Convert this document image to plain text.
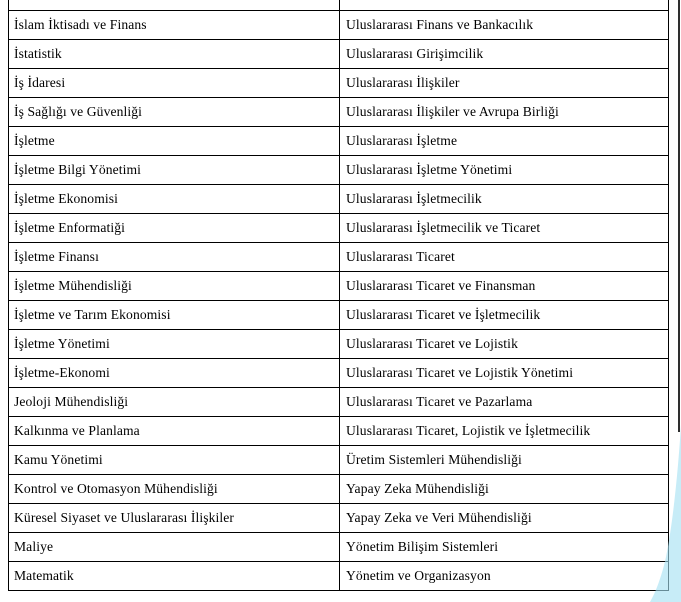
İslam İktisadı ve Finans	Uluslararası Finans ve Bankacılık
İstatistik	Uluslararası Girişimcilik
İş İdaresi	Uluslararası İlişkiler
İş Sağlığı ve Güvenliği	Uluslararası İlişkiler ve Avrupa Birliği
İşletme	Uluslararası İşletme
İşletme Bilgi Yönetimi	Uluslararası İşletme Yönetimi
İşletme Ekonomisi	Uluslararası İşletmecilik
İşletme Enformatiği	Uluslararası İşletmecilik ve Ticaret
İşletme Finansı	Uluslararası Ticaret
İşletme Mühendisliği	Uluslararası Ticaret ve Finansman
İşletme ve Tarım Ekonomisi	Uluslararası Ticaret ve İşletmecilik
İşletme Yönetimi	Uluslararası Ticaret ve Lojistik
İşletme-Ekonomi	Uluslararası Ticaret ve Lojistik Yönetimi
Jeoloji Mühendisliği	Uluslararası Ticaret ve Pazarlama
Kalkınma ve Planlama	Uluslararası Ticaret, Lojistik ve İşletmecilik
Kamu Yönetimi	Üretim Sistemleri Mühendisliği
Kontrol ve Otomasyon Mühendisliği	Yapay Zeka Mühendisliği
Küresel Siyaset ve Uluslararası İlişkiler	Yapay Zeka ve Veri Mühendisliği
Maliye	Yönetim Bilişim Sistemleri
Matematik	Yönetim ve Organizasyon
